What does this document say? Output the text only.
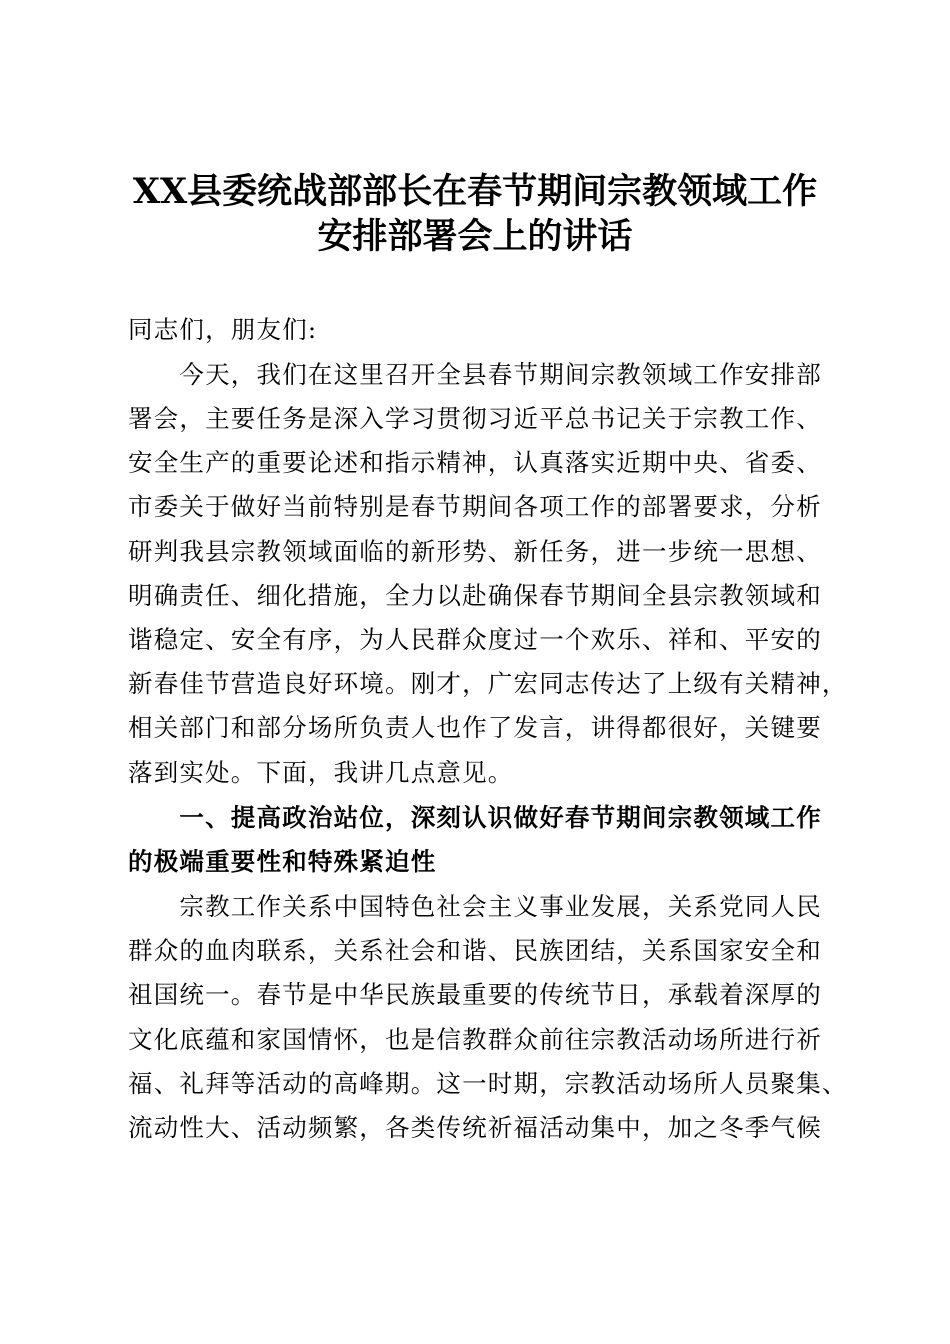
XX县委统战部部长在春节期间宗教领域工作
安排部署会上的讲话

同志们，朋友们:

　　今天，我们在这里召开全县春节期间宗教领域工作安排部

署会，主要任务是深入学习贯彻习近平总书记关于宗教工作、

安全生产的重要论述和指示精神，认真落实近期中央、省委、

市委关于做好当前特别是春节期间各项工作的部署要求，分析

研判我县宗教领域面临的新形势、新任务，进一步统一思想、

明确责任、细化措施，全力以赴确保春节期间全县宗教领域和

谐稳定、安全有序，为人民群众度过一个欢乐、祥和、平安的

新春佳节营造良好环境。刚才，广宏同志传达了上级有关精神，

相关部门和部分场所负责人也作了发言，讲得都很好，关键要

落到实处。下面，我讲几点意见。

　　一、提高政治站位，深刻认识做好春节期间宗教领域工作

的极端重要性和特殊紧迫性

　　宗教工作关系中国特色社会主义事业发展，关系党同人民

群众的血肉联系，关系社会和谐、民族团结，关系国家安全和

祖国统一。春节是中华民族最重要的传统节日，承载着深厚的

文化底蕴和家国情怀，也是信教群众前往宗教活动场所进行祈

福、礼拜等活动的高峰期。这一时期，宗教活动场所人员聚集、

流动性大、活动频繁，各类传统祈福活动集中，加之冬季气候
